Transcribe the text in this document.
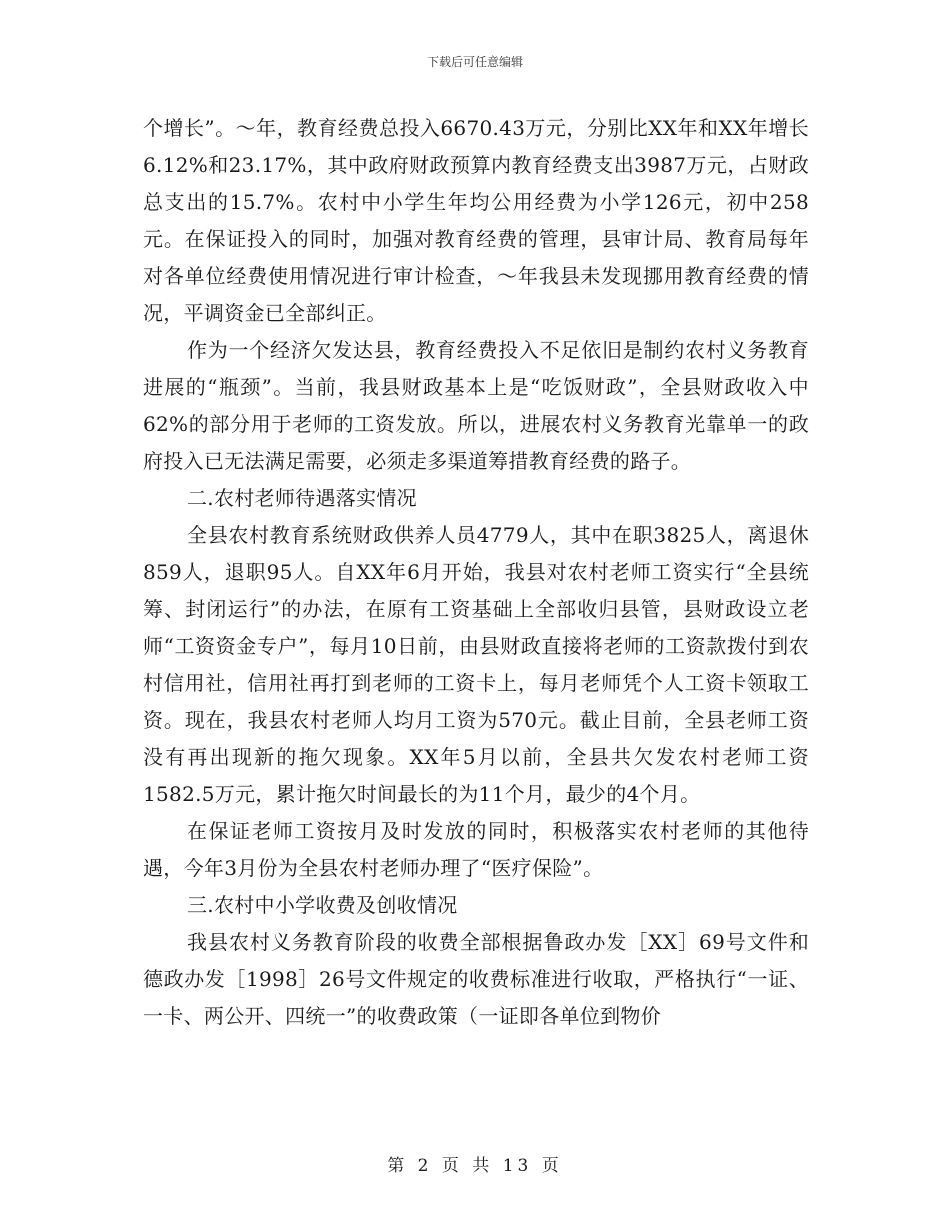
下载后可任意编辑

个增长”。～年，教育经费总投入6670.43万元，分别比XX年和XX年增长6.12%和23.17%，其中政府财政预算内教育经费支出3987万元，占财政总支出的15.7%。农村中小学生年均公用经费为小学126元，初中258元。在保证投入的同时，加强对教育经费的管理，县审计局、教育局每年对各单位经费使用情况进行审计检查，～年我县未发现挪用教育经费的情况，平调资金已全部纠正。

作为一个经济欠发达县，教育经费投入不足依旧是制约农村义务教育进展的“瓶颈”。当前，我县财政基本上是“吃饭财政”，全县财政收入中62%的部分用于老师的工资发放。所以，进展农村义务教育光靠单一的政府投入已无法满足需要，必须走多渠道筹措教育经费的路子。

二.农村老师待遇落实情况

全县农村教育系统财政供养人员4779人，其中在职3825人，离退休859人，退职95人。自XX年6月开始，我县对农村老师工资实行“全县统筹、封闭运行”的办法，在原有工资基础上全部收归县管，县财政设立老师“工资资金专户”，每月10日前，由县财政直接将老师的工资款拨付到农村信用社，信用社再打到老师的工资卡上，每月老师凭个人工资卡领取工资。现在，我县农村老师人均月工资为570元。截止目前，全县老师工资没有再出现新的拖欠现象。XX年5月以前，全县共欠发农村老师工资1582.5万元，累计拖欠时间最长的为11个月，最少的4个月。

在保证老师工资按月及时发放的同时，积极落实农村老师的其他待遇，今年3月份为全县农村老师办理了“医疗保险”。

三.农村中小学收费及创收情况

我县农村义务教育阶段的收费全部根据鲁政办发［XX］69号文件和德政办发［1998］26号文件规定的收费标准进行收取，严格执行“一证、一卡、两公开、四统一”的收费政策（一证即各单位到物价

第 2 页 共 13 页
